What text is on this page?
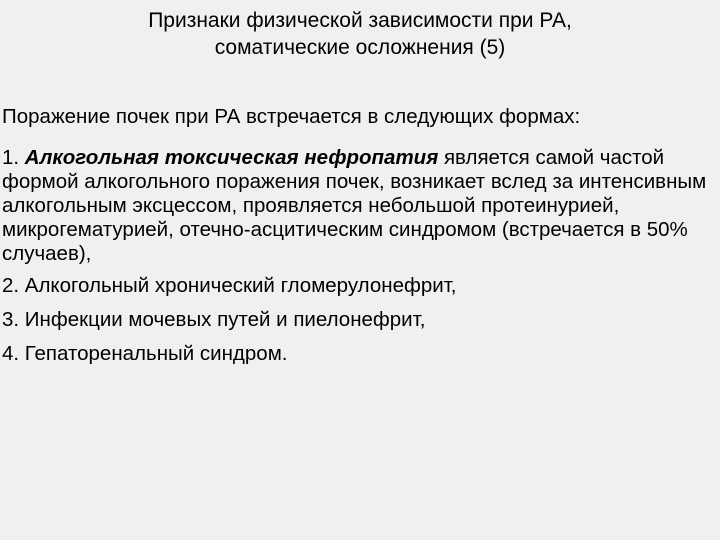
Признаки физической зависимости при РА,
соматические осложнения (5)

Поражение почек при РА встречается в следующих формах:

1. Алкогольная токсическая нефропатия является самой частой формой алкогольного поражения почек, возникает вслед за интенсивным алкогольным эксцессом, проявляется небольшой протеинурией, микрогематурией, отечно-асцитическим синдромом (встречается в 50% случаев),

2. Алкогольный хронический гломерулонефрит,

3. Инфекции мочевых путей и пиелонефрит,

4. Гепаторенальный синдром.
